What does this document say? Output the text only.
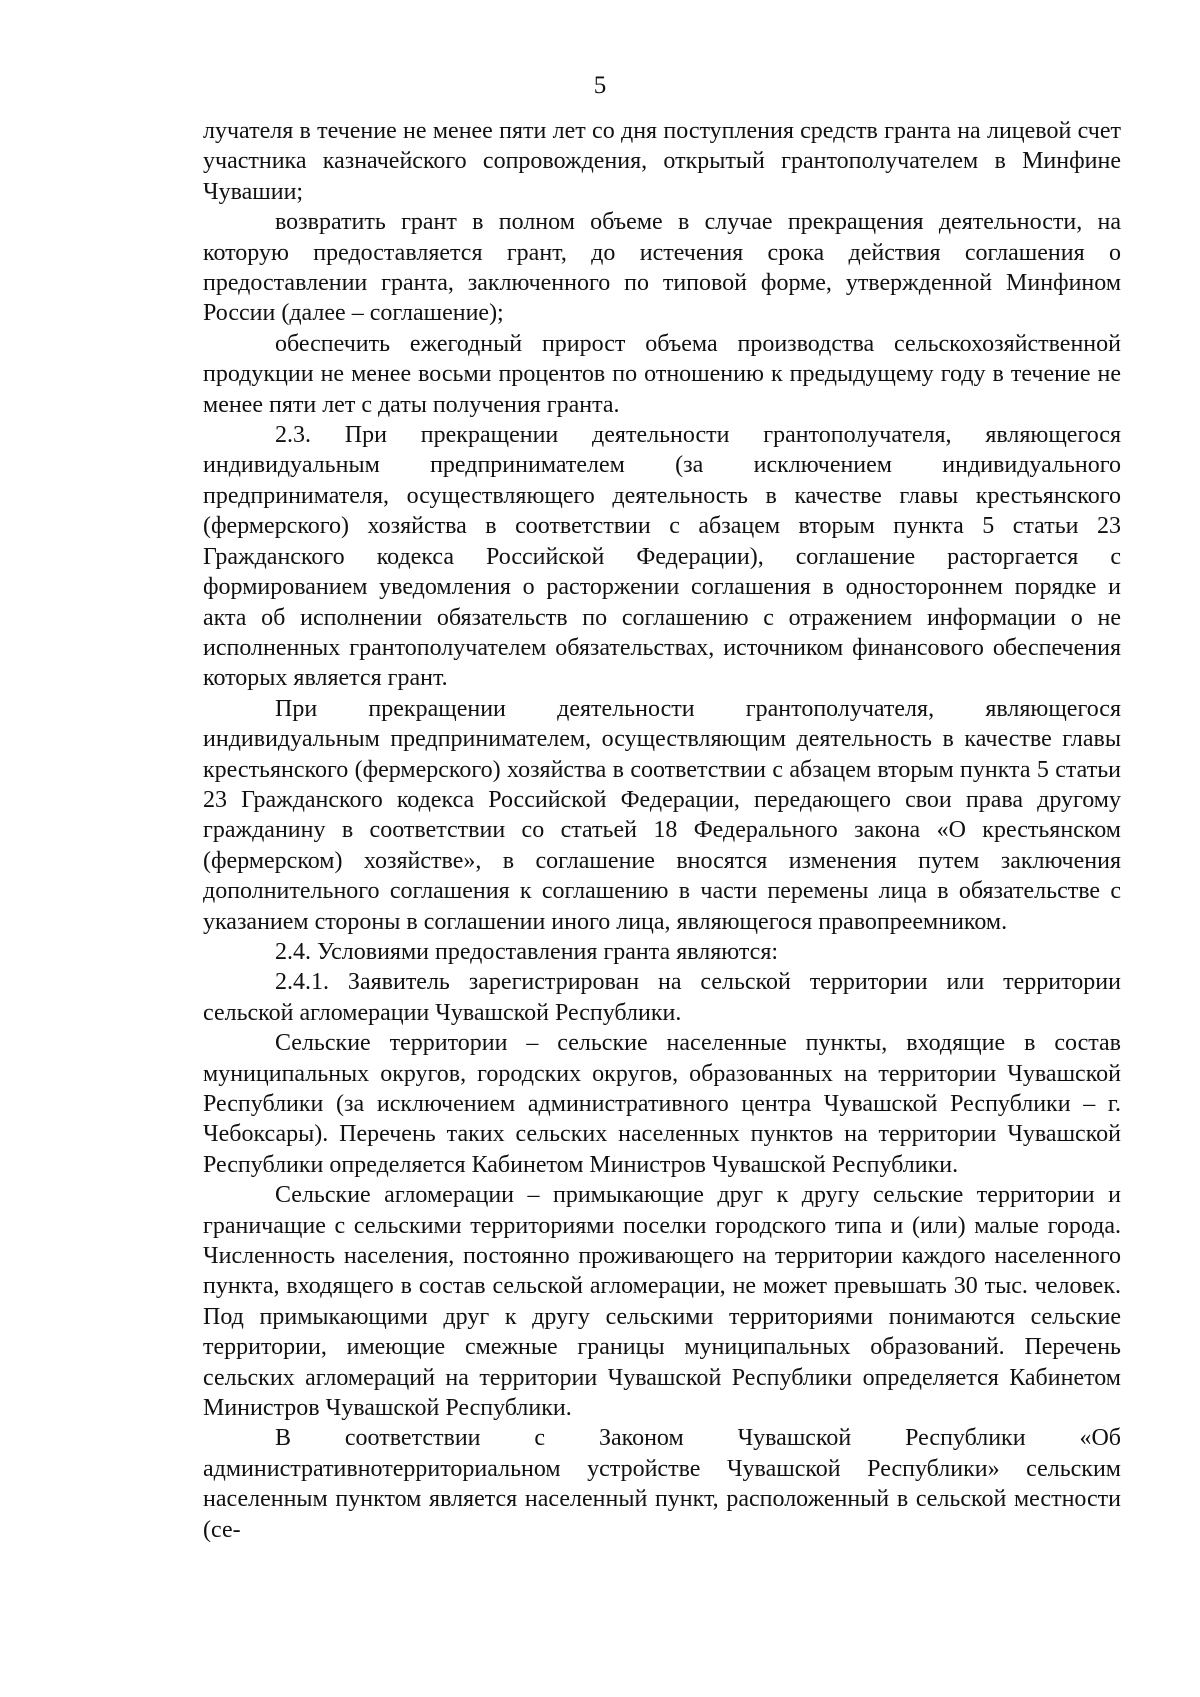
5

лучателя в течение не менее пяти лет со дня поступления средств гранта на лицевой счет участника казначейского сопровождения, открытый грантополучателем в Минфине Чувашии;

возвратить грант в полном объеме в случае прекращения деятельности, на которую предоставляется грант, до истечения срока действия соглашения о предоставлении гранта, заключенного по типовой форме, утвержденной Минфином России (далее – соглашение);

обеспечить ежегодный прирост объема производства сельскохозяйственной продукции не менее восьми процентов по отношению к предыдущему году в течение не менее пяти лет с даты получения гранта.

2.3. При прекращении деятельности грантополучателя, являющегося индивидуальным предпринимателем (за исключением индивидуального предпринимателя, осуществляющего деятельность в качестве главы крестьянского (фермерского) хозяйства в соответствии с абзацем вторым пункта 5 статьи 23 Гражданского кодекса Российской Федерации), соглашение расторгается с формированием уведомления о расторжении соглашения в одностороннем порядке и акта об исполнении обязательств по соглашению с отражением информации о не исполненных грантополучателем обязательствах, источником финансового обеспечения которых является грант.

При прекращении деятельности грантополучателя, являющегося индивидуальным предпринимателем, осуществляющим деятельность в качестве главы крестьянского (фермерского) хозяйства в соответствии с абзацем вторым пункта 5 статьи 23 Гражданского кодекса Российской Федерации, передающего свои права другому гражданину в соответствии со статьей 18 Федерального закона «О крестьянском (фермерском) хозяйстве», в соглашение вносятся изменения путем заключения дополнительного соглашения к соглашению в части перемены лица в обязательстве с указанием стороны в соглашении иного лица, являющегося правопреемником.

2.4. Условиями предоставления гранта являются:

2.4.1. Заявитель зарегистрирован на сельской территории или территории сельской агломерации Чувашской Республики.

Сельские территории – сельские населенные пункты, входящие в состав муниципальных округов, городских округов, образованных на территории Чувашской Республики (за исключением административного центра Чувашской Республики – г. Чебоксары). Перечень таких сельских населенных пунктов на территории Чувашской Республики определяется Кабинетом Министров Чувашской Республики.

Сельские агломерации – примыкающие друг к другу сельские территории и граничащие с сельскими территориями поселки городского типа и (или) малые города. Численность населения, постоянно проживающего на территории каждого населенного пункта, входящего в состав сельской агломерации, не может превышать 30 тыс. человек. Под примыкающими друг к другу сельскими территориями понимаются сельские территории, имеющие смежные границы муниципальных образований. Перечень сельских агломераций на территории Чувашской Республики определяется Кабинетом Министров Чувашской Республики.

В соответствии с Законом Чувашской Республики «Об административнотерриториальном устройстве Чувашской Республики» сельским населенным пунктом является населенный пункт, расположенный в сельской местности (се-
